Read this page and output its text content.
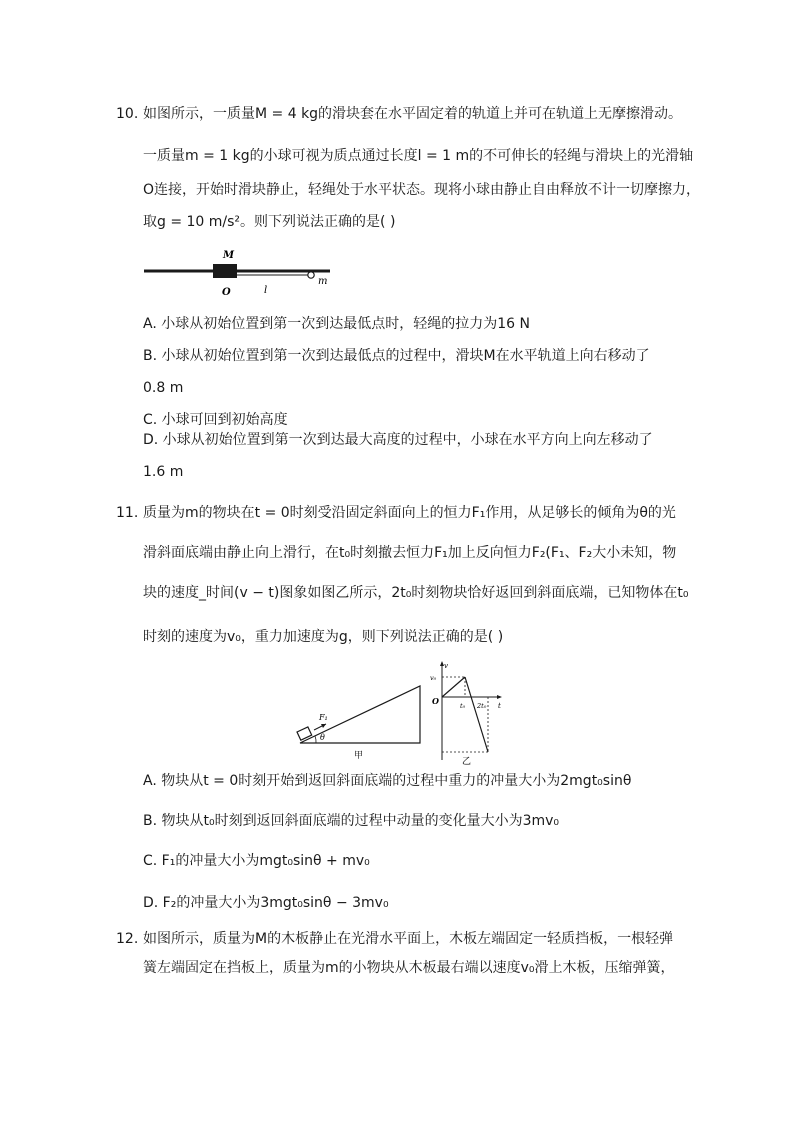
10. 如图所示，一质量M = 4 kg的滑块套在水平固定着的轨道上并可在轨道上无摩擦滑动。
一质量m = 1 kg的小球可视为质点通过长度l = 1 m的不可伸长的轻绳与滑块上的光滑轴
O连接，开始时滑块静止，轻绳处于水平状态。现将小球由静止自由释放不计一切摩擦力，
取g = 10 m/s²。则下列说法正确的是( )
M
O	l
m
A. 小球从初始位置到第一次到达最低点时，轻绳的拉力为16 N
B. 小球从初始位置到第一次到达最低点的过程中，滑块M在水平轨道上向右移动了
0.8 m
C. 小球可回到初始高度
D. 小球从初始位置到第一次到达最大高度的过程中，小球在水平方向上向左移动了
1.6 m
11. 质量为m的物块在t = 0时刻受沿固定斜面向上的恒力F₁作用，从足够长的倾角为θ的光
滑斜面底端由静止向上滑行，在t₀时刻撤去恒力F₁加上反向恒力F₂(F₁、F₂大小未知，物
块的速度_时间(v − t)图象如图乙所示，2t₀时刻物块恰好返回到斜面底端，已知物体在t₀
时刻的速度为v₀，重力加速度为g，则下列说法正确的是( )
F₁
θ
甲
v
v₀
O	t₀ 2t₀ t
乙
A. 物块从t = 0时刻开始到返回斜面底端的过程中重力的冲量大小为2mgt₀sinθ
B. 物块从t₀时刻到返回斜面底端的过程中动量的变化量大小为3mv₀
C. F₁的冲量大小为mgt₀sinθ + mv₀
D. F₂的冲量大小为3mgt₀sinθ − 3mv₀
12. 如图所示，质量为M的木板静止在光滑水平面上，木板左端固定一轻质挡板，一根轻弹
簧左端固定在挡板上，质量为m的小物块从木板最右端以速度v₀滑上木板，压缩弹簧，
